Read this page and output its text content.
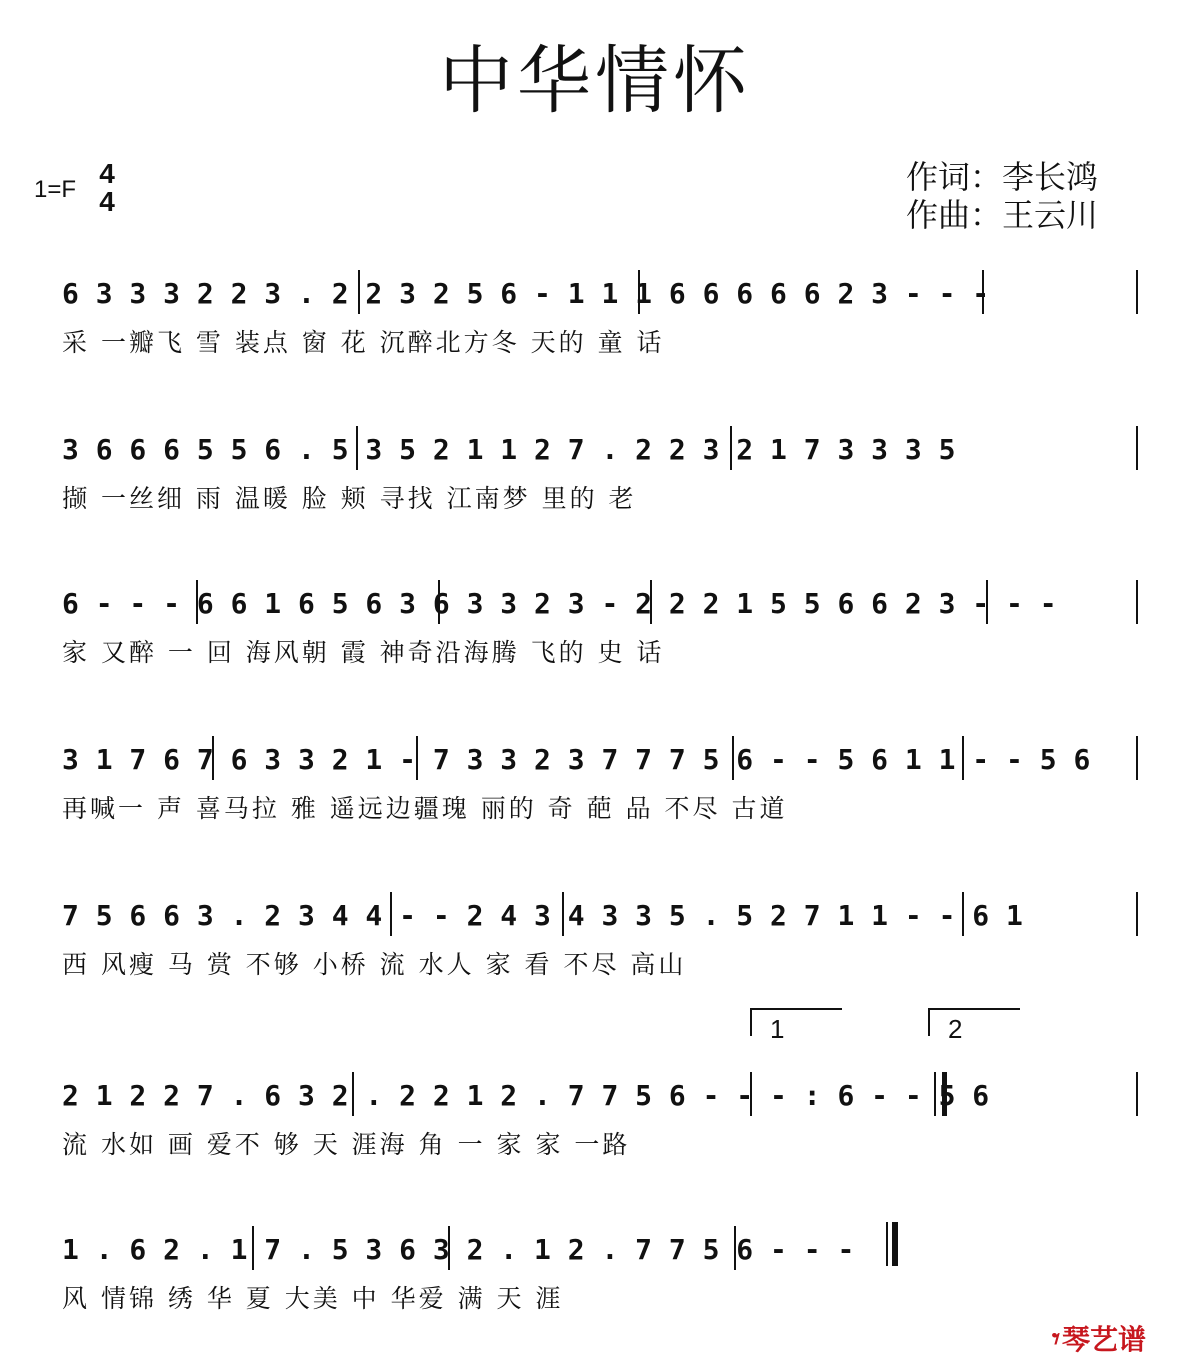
中华情怀
1=F
4
4
作词：李长鸿
作曲：王云川
6 3 3 3 2 2 3 . 2 2 3 2 5 6 - 1 1 1 6 6 6 6 6 2 3 - - -
采 一瓣飞 雪 装点 窗 花 沉醉北方冬 天的 童 话
3 6 6 6 5 5 6 . 5 3 5 2 1 1 2 7 . 2 2 3 2 1 7 3 3 3 5
撷 一丝细 雨 温暖 脸 颊 寻找 江南梦 里的 老
6 - - - 6 6 1 6 5 6 3 6 3 3 2 3 - 2 2 2 1 5 5 6 6 2 3 - - -
家 又醉 一 回 海风朝 霞 神奇沿海腾 飞的 史 话
3 1 7 6 7 6 3 3 2 1 - 7 3 3 2 3 7 7 7 5 6 - - 5 6 1 1 - - 5 6
再喊一 声 喜马拉 雅 遥远边疆瑰 丽的 奇 葩 品 不尽 古道
7 5 6 6 3 . 2 3 4 4 - - 2 4 3 4 3 3 5 . 5 2 7 1 1 - - 6 1
西 风瘦 马 赏 不够 小桥 流 水人 家 看 不尽 高山
1	2
2 1 2 2 7 . 6 3 2 . 2 2 1 2 . 7 7 5 6 - - - : 6 - - 5 6
流 水如 画 爱不 够 天 涯海 角 一 家 家 一路
1 . 6 2 . 1 7 . 5 3 6 3 2 . 1 2 . 7 7 5 6 - - -
风 情锦 绣 华 夏 大美 中 华爱 满 天 涯
𝄾琴艺谱
